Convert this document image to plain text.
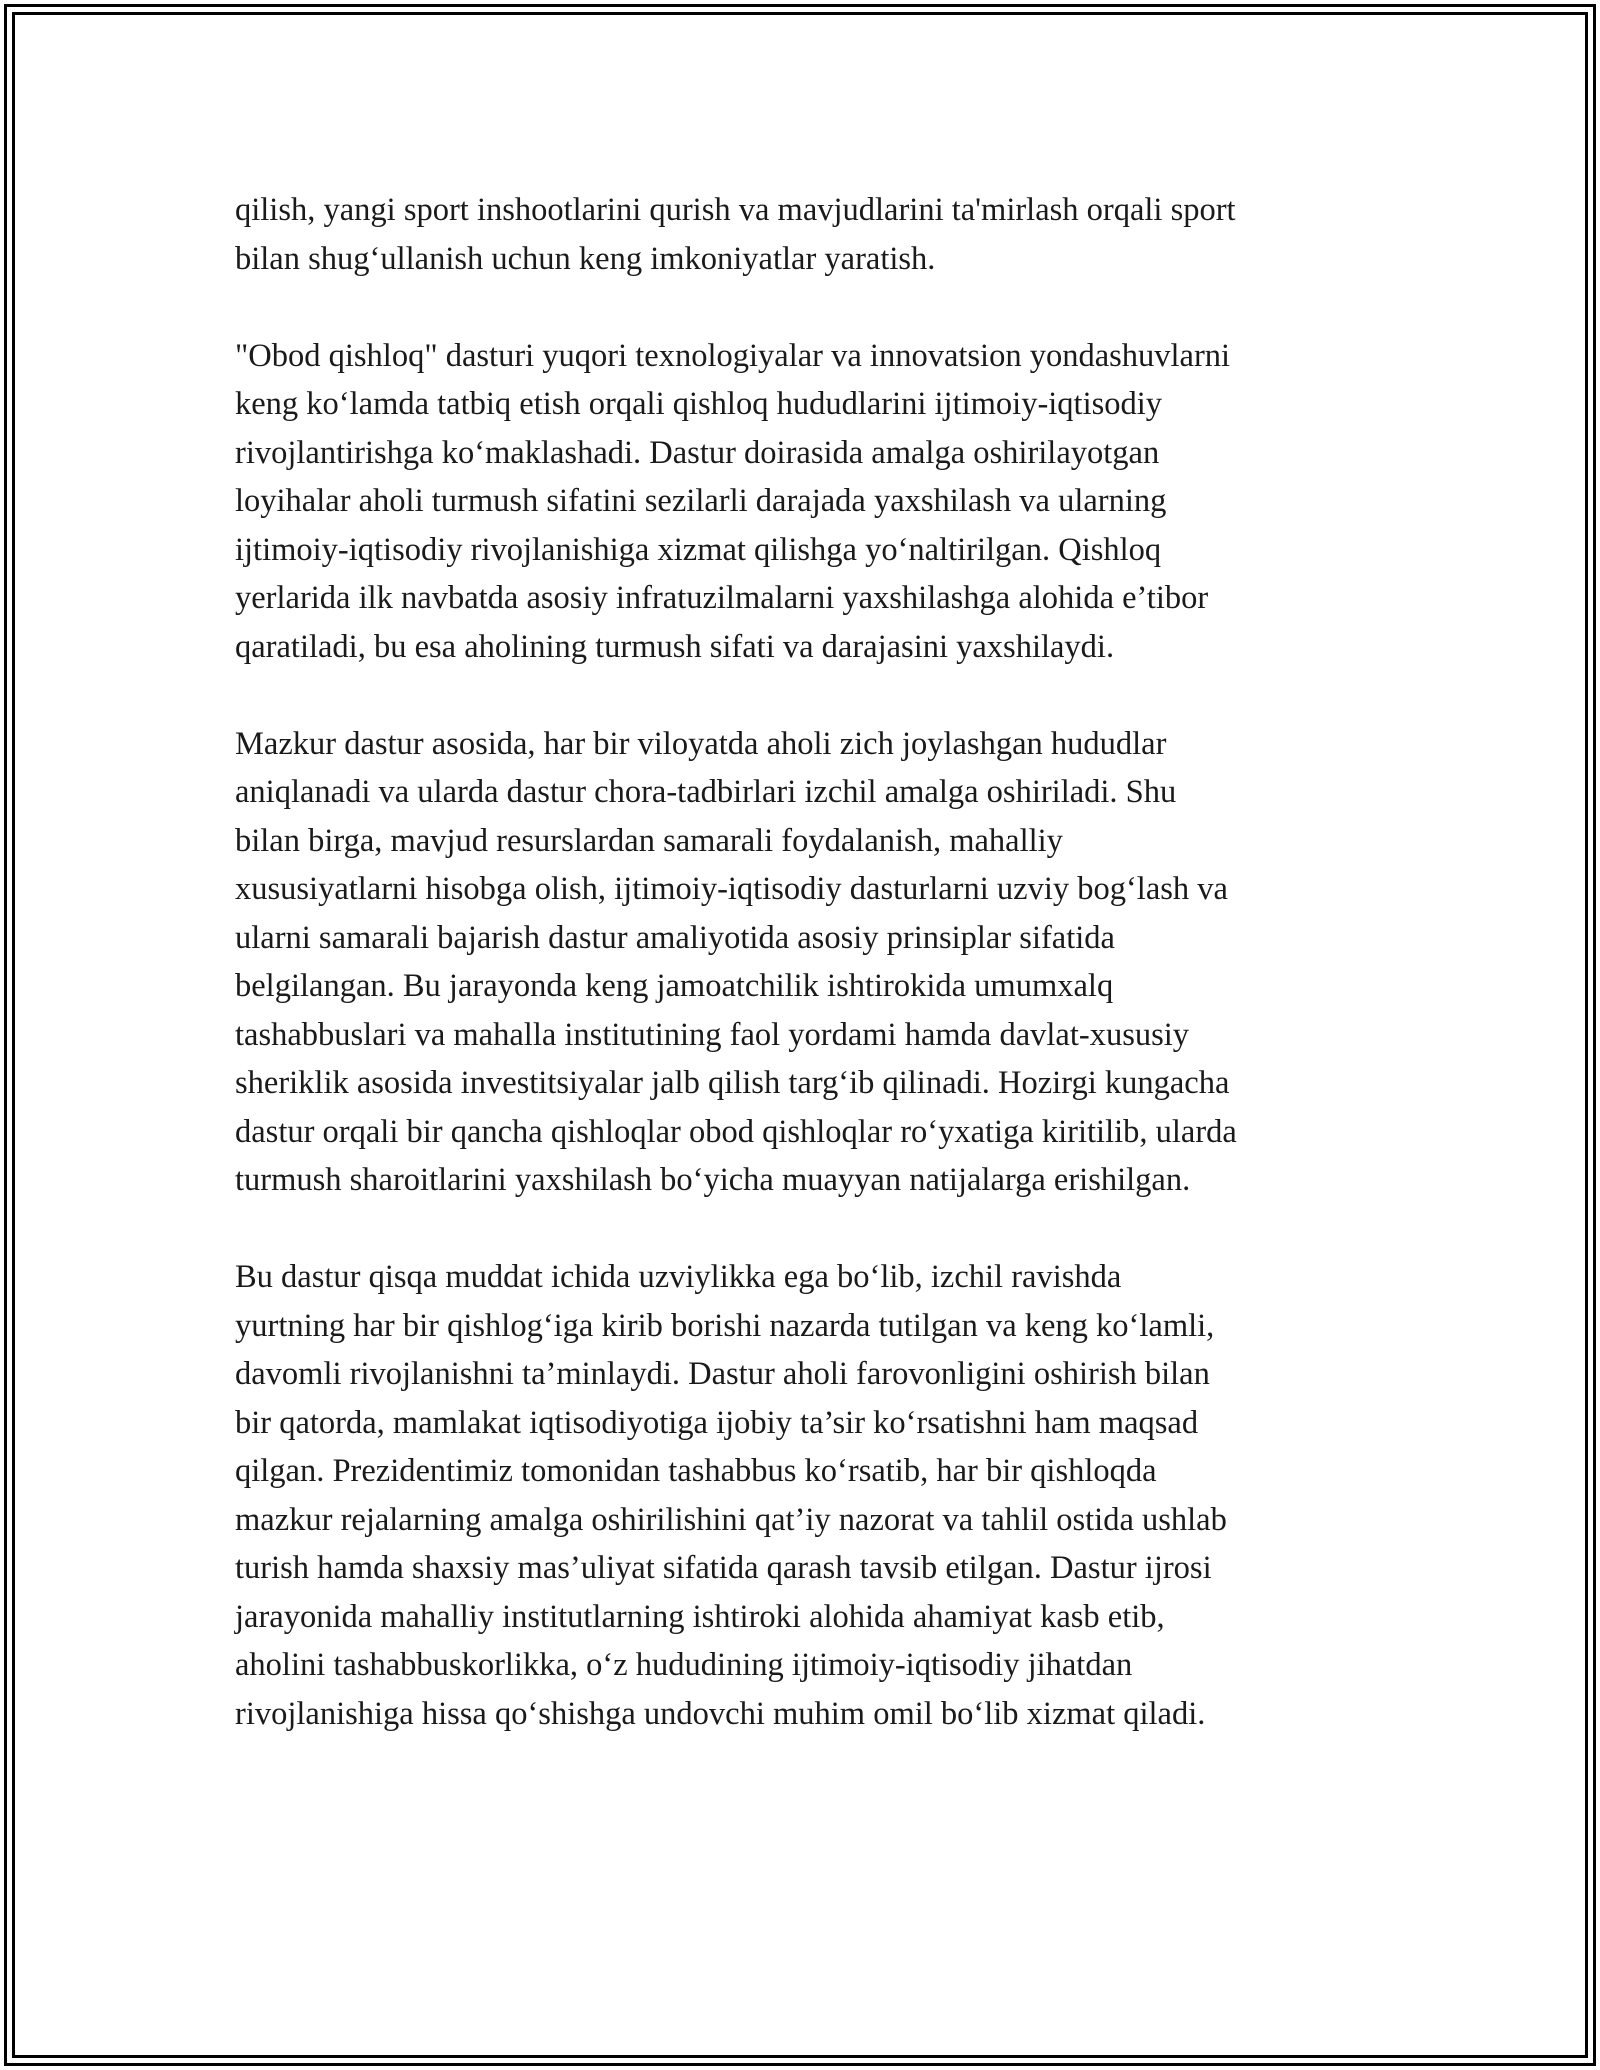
qilish, yangi sport inshootlarini qurish va mavjudlarini ta'mirlash orqali sport
bilan shug‘ullanish uchun keng imkoniyatlar yaratish.

"Obod qishloq" dasturi yuqori texnologiyalar va innovatsion yondashuvlarni
keng ko‘lamda tatbiq etish orqali qishloq hududlarini ijtimoiy-iqtisodiy
rivojlantirishga ko‘maklashadi. Dastur doirasida amalga oshirilayotgan
loyihalar aholi turmush sifatini sezilarli darajada yaxshilash va ularning
ijtimoiy-iqtisodiy rivojlanishiga xizmat qilishga yo‘naltirilgan. Qishloq
yerlarida ilk navbatda asosiy infratuzilmalarni yaxshilashga alohida e’tibor
qaratiladi, bu esa aholining turmush sifati va darajasini yaxshilaydi.

Mazkur dastur asosida, har bir viloyatda aholi zich joylashgan hududlar
aniqlanadi va ularda dastur chora-tadbirlari izchil amalga oshiriladi. Shu
bilan birga, mavjud resurslardan samarali foydalanish, mahalliy
xususiyatlarni hisobga olish, ijtimoiy-iqtisodiy dasturlarni uzviy bog‘lash va
ularni samarali bajarish dastur amaliyotida asosiy prinsiplar sifatida
belgilangan. Bu jarayonda keng jamoatchilik ishtirokida umumxalq
tashabbuslari va mahalla institutining faol yordami hamda davlat-xususiy
sheriklik asosida investitsiyalar jalb qilish targ‘ib qilinadi. Hozirgi kungacha
dastur orqali bir qancha qishloqlar obod qishloqlar ro‘yxatiga kiritilib, ularda
turmush sharoitlarini yaxshilash bo‘yicha muayyan natijalarga erishilgan.

Bu dastur qisqa muddat ichida uzviylikka ega bo‘lib, izchil ravishda
yurtning har bir qishlog‘iga kirib borishi nazarda tutilgan va keng ko‘lamli,
davomli rivojlanishni ta’minlaydi. Dastur aholi farovonligini oshirish bilan
bir qatorda, mamlakat iqtisodiyotiga ijobiy ta’sir ko‘rsatishni ham maqsad
qilgan. Prezidentimiz tomonidan tashabbus ko‘rsatib, har bir qishloqda
mazkur rejalarning amalga oshirilishini qat’iy nazorat va tahlil ostida ushlab
turish hamda shaxsiy mas’uliyat sifatida qarash tavsib etilgan. Dastur ijrosi
jarayonida mahalliy institutlarning ishtiroki alohida ahamiyat kasb etib,
aholini tashabbuskorlikka, o‘z hududining ijtimoiy-iqtisodiy jihatdan
rivojlanishiga hissa qo‘shishga undovchi muhim omil bo‘lib xizmat qiladi.
